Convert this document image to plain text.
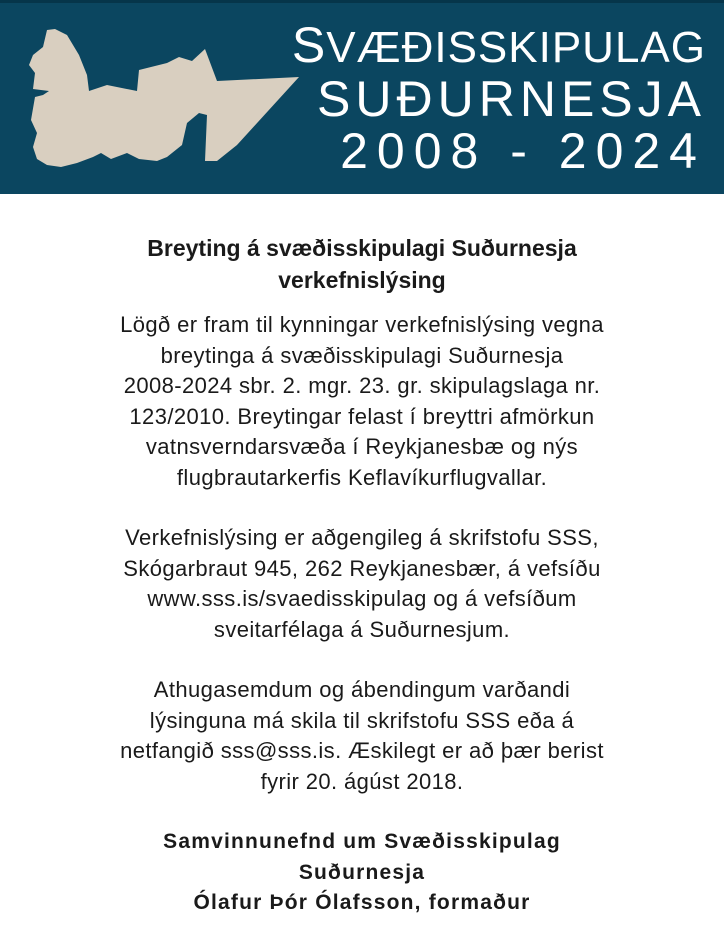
SVÆÐISSKIPULAG
SUÐURNESJA
2008 - 2024
Breyting á svæðisskipulagi Suðurnesja
verkefnislýsing
Lögð er fram til kynningar verkefnislýsing vegna
breytinga á svæðisskipulagi Suðurnesja
2008-2024 sbr. 2. mgr. 23. gr. skipulagslaga nr.
123/2010. Breytingar felast í breyttri afmörkun
vatnsverndarsvæða í Reykjanesbæ og nýs
flugbrautarkerfis Keflavíkurflugvallar.
Verkefnislýsing er aðgengileg á skrifstofu SSS,
Skógarbraut 945, 262 Reykjanesbær, á vefsíðu
www.sss.is/svaedisskipulag og á vefsíðum
sveitarfélaga á Suðurnesjum.
Athugasemdum og ábendingum varðandi
lýsinguna má skila til skrifstofu SSS eða á
netfangið sss@sss.is. Æskilegt er að þær berist
fyrir 20. ágúst 2018.
Samvinnunefnd um Svæðisskipulag
Suðurnesja
Ólafur Þór Ólafsson, formaður
